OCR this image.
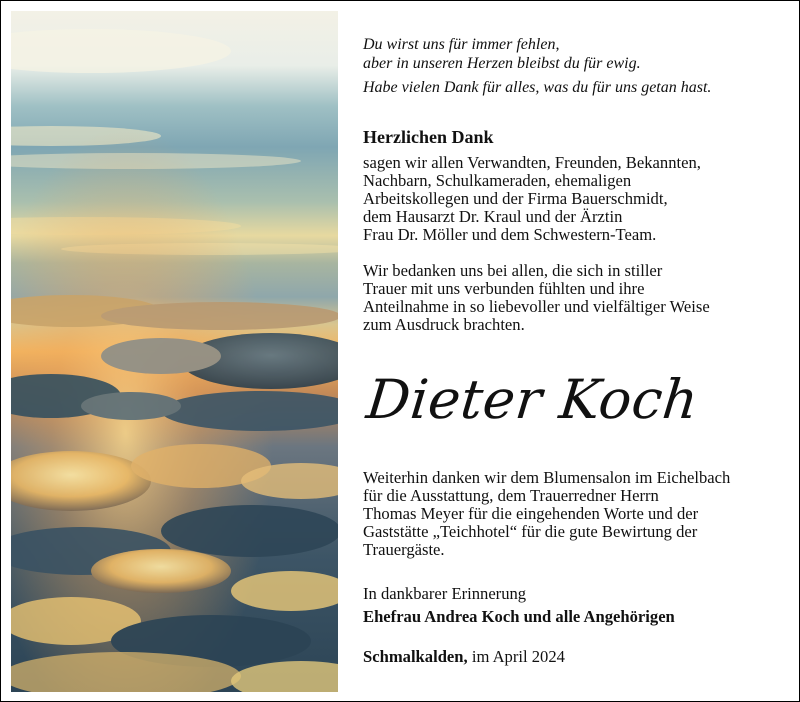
Du wirst uns für immer fehlen,
aber in unseren Herzen bleibst du für ewig.
Habe vielen Dank für alles, was du für uns getan hast.
Herzlichen Dank
sagen wir allen Verwandten, Freunden, Bekannten,
Nachbarn, Schulkameraden, ehemaligen
Arbeitskollegen und der Firma Bauerschmidt,
dem Hausarzt Dr. Kraul und der Ärztin
Frau Dr. Möller und dem Schwestern-Team.
Wir bedanken uns bei allen, die sich in stiller
Trauer mit uns verbunden fühlten und ihre
Anteilnahme in so liebevoller und vielfältiger Weise
zum Ausdruck brachten.
Dieter Koch
Weiterhin danken wir dem Blumensalon im Eichelbach
für die Ausstattung, dem Trauerredner Herrn
Thomas Meyer für die eingehenden Worte und der
Gaststätte „Teichhotel“ für die gute Bewirtung der
Trauergäste.
In dankbarer Erinnerung
Ehefrau Andrea Koch und alle Angehörigen
Schmalkalden, im April 2024
